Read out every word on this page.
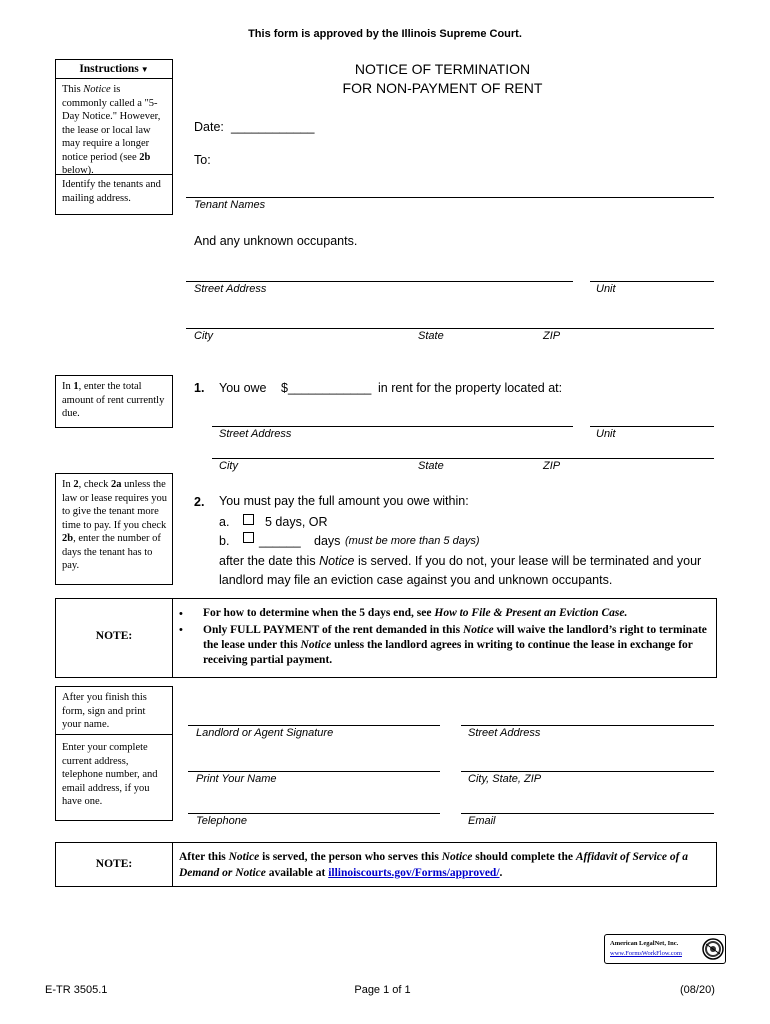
This form is approved by the Illinois Supreme Court.
NOTICE OF TERMINATION
FOR NON-PAYMENT OF RENT
Instructions ▼
This Notice is commonly called a "5-Day Notice." However, the lease or local law may require a longer notice period (see 2b below).
Identify the tenants and mailing address.
Date: ____________
To:
Tenant Names
And any unknown occupants.
Street Address	Unit
City	State	ZIP
In 1, enter the total amount of rent currently due.
1. You owe $____________ in rent for the property located at:
Street Address	Unit
City	State	ZIP
In 2, check 2a unless the law or lease requires you to give the tenant more time to pay. If you check 2b, enter the number of days the tenant has to pay.
2. You must pay the full amount you owe within:
a.	5 days, OR
b. ______ days (must be more than 5 days)
after the date this Notice is served. If you do not, your lease will be terminated and your landlord may file an eviction case against you and unknown occupants.
NOTE:
• For how to determine when the 5 days end, see How to File & Present an Eviction Case.
• Only FULL PAYMENT of the rent demanded in this Notice will waive the landlord’s right to terminate the lease under this Notice unless the landlord agrees in writing to continue the lease in exchange for receiving partial payment.
After you finish this form, sign and print your name.
Enter your complete current address, telephone number, and email address, if you have one.
Landlord or Agent Signature	Street Address
Print Your Name	City, State, ZIP
Telephone	Email
NOTE:
After this Notice is served, the person who serves this Notice should complete the Affidavit of Service of a Demand or Notice available at illinoiscourts.gov/Forms/approved/.
American LegalNet, Inc.
www.FormsWorkFlow.com
E-TR 3505.1	Page 1 of 1	(08/20)
